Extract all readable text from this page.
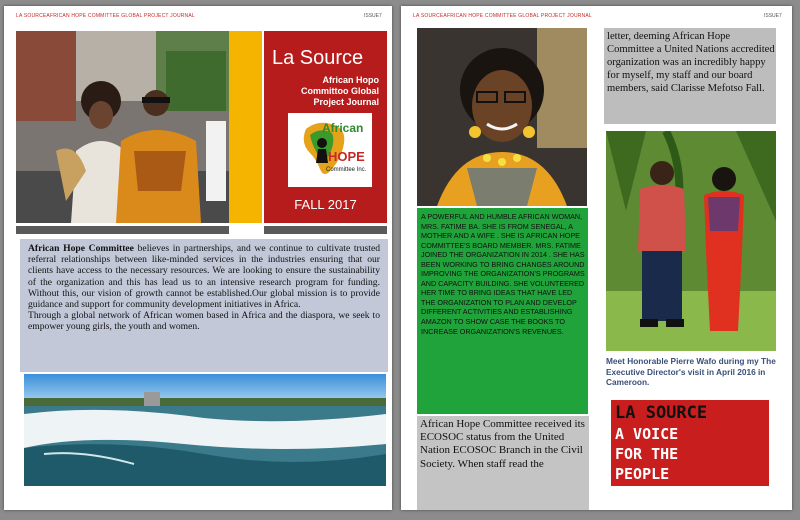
LA SOURCEAFRICAN HOPE COMMITTEE GLOBAL PROJECT JOURNAL	ISSUE7
La Source
African Hopo Committoo Global Project Journal
African
HOPE
Committee Inc.
FALL 2017

African Hope Committee believes in partnerships, and we continue to cultivate trusted referral relationships between like-minded services in the industries ensuring that our clients have access to the necessary resources. We are looking to ensure the sustainability of the organization and this has lead us to an intensive research program for funding. Without this, our vision of growth cannot be established.Our global mission is to provide guidance and support for community development initiatives in Africa.
Through a global network of African women based in Africa and the diaspora, we seek to empower young girls, the youth and women.

LA SOURCEAFRICAN HOPE COMMITTEE GLOBAL PROJECT JOURNAL	ISSUE7

A POWERFUL AND HUMBLE AFRICAN WOMAN, MRS. FATIME BA. SHE IS FROM SENEGAL, A MOTHER AND A WIFE . SHE IS AFRICAN HOPE COMMITTEE'S BOARD MEMBER. MRS. FATIME JOINED THE ORGANIZATION IN 2014 . SHE HAS BEEN WORKING TO BRING CHANGES AROUND IMPROVING THE ORGANIZATION'S PROGRAMS AND CAPACITY BUILDING. SHE VOLUNTEERED HER TIME TO BRING IDEAS THAT HAVE LED THE ORGANIZATION TO PLAN AND DEVELOP DIFFERENT ACTIVITIES AND ESTABLISHING AMAZON TO SHOW CASE THE BOOKS TO INCREASE ORGANIZATION'S REVENUES.

letter, deeming African Hope Committee a United Nations accredited organization was an incredibly happy for myself, my staff and our board members, said Clarisse Mefotso Fall.

Meet Honorable Pierre Wafo during my The Executive Director's visit in April 2016 in Cameroon.

African Hope Committee received its ECOSOC status from the United Nation ECOSOC Branch in the Civil Society. When staff read the

LA SOURCE
A VOICE
FOR THE
PEOPLE
